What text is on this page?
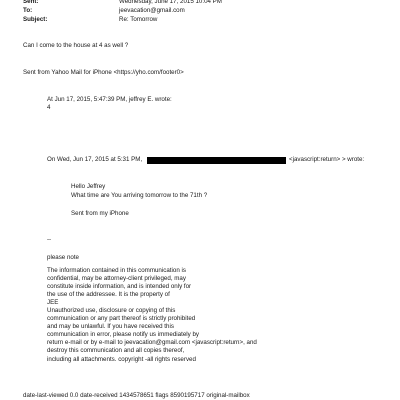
Sent:	Wednesday, June 17, 2015 10:04 PM
To:	jeevacation@gmail.com
Subject:	Re: Tomorrow
Can I come to the house at 4 as well ?
Sent from Yahoo Mail for iPhone <https://yho.com/footer0>
At Jun 17, 2015, 5:47:39 PM, jeffrey E. wrote:
4
On Wed, Jun 17, 2015 at 5:31 PM,	<javascript:return> > wrote:
Hello Jeffrey
What time are You arriving tomorrow to the 71th ?
Sent from my iPhone
--
please note
The information contained in this communication is
confidential, may be attorney-client privileged, may
constitute inside information, and is intended only for
the use of the addressee. It is the property of
JEE
Unauthorized use, disclosure or copying of this
communication or any part thereof is strictly prohibited
and may be unlawful. If you have received this
communication in error, please notify us immediately by
return e-mail or by e-mail to jeevacation@gmail.com <javascript:return>, and
destroy this communication and all copies thereof,
including all attachments. copyright -all rights reserved
date-last-viewed 0.0 date-received 1434578651 flags 8590195717 original-mailbox
